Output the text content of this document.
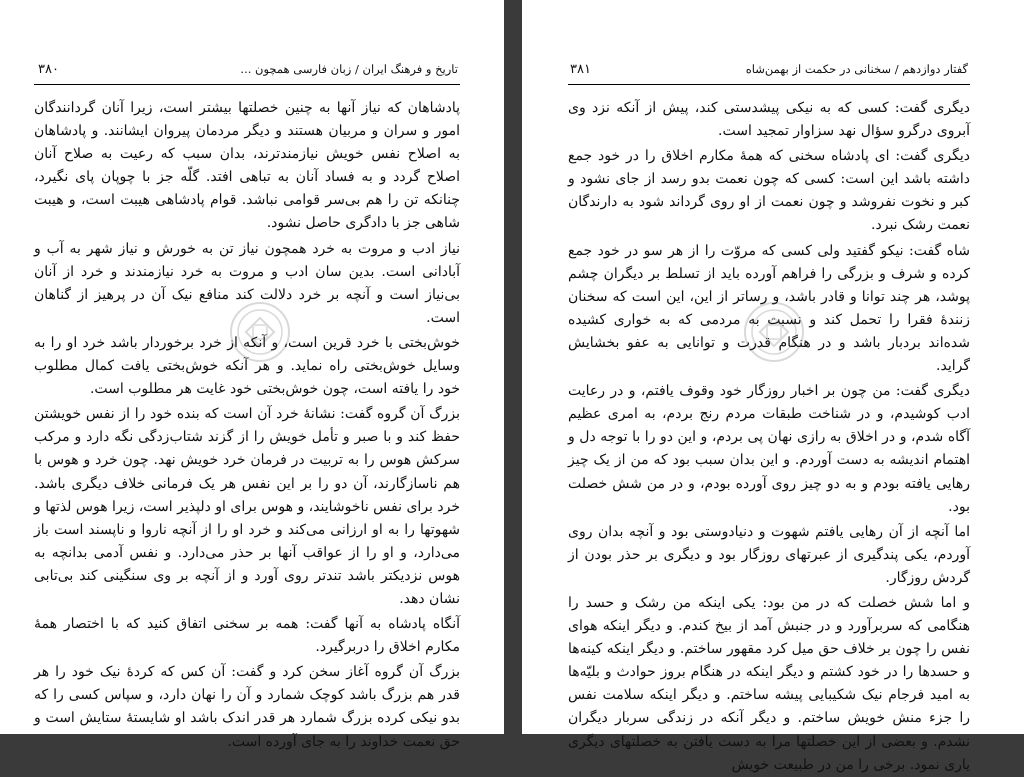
۳۸۰	تاریخ و فرهنگ ایران / زبان فارسی همچون ...

پادشاهان که نیاز آنها به چنین خصلتها بیشتر است، زیرا آنان گردانندگان امور و سران و مربیان هستند و دیگر مردمان پیروان ایشانند. و پادشاهان به اصلاح نفس خویش نیازمندترند، بدان سبب که رعیت به صلاح آنان اصلاح گردد و به فساد آنان به تباهی افتد. گلّه جز با چوپان پای نگیرد، چنانکه تن را هم بی‌سر قوامی نباشد. قوام پادشاهی هیبت است، و هیبت شاهی جز با دادگری حاصل نشود.

نیاز ادب و مروت به خرد همچون نیاز تن به خورش و نیاز شهر به آب و آبادانی است. بدین سان ادب و مروت به خرد نیازمندند و خرد از آنان بی‌نیاز است و آنچه بر خرد دلالت کند منافع نیک آن در پرهیز از گناهان است.

خوش‌بختی با خرد قرین است، و آنکه از خرد برخوردار باشد خرد او را به وسایل خوش‌بختی راه نماید. و هر آنکه خوش‌بختی یافت کمال مطلوب خود را یافته است، چون خوش‌بختی خود غایت هر مطلوب است.

بزرگ آن گروه گفت: نشانهٔ خرد آن است که بنده خود را از نفس خویشتن حفظ کند و با صبر و تأمل خویش را از گزند شتاب‌زدگی نگه دارد و مرکب سرکش هوس را به تربیت در فرمان خرد خویش نهد. چون خرد و هوس با هم ناسازگارند، آن دو را بر این نفس هر یک فرمانی خلاف دیگری باشد. خرد برای نفس ناخوشایند، و هوس برای او دلپذیر است، زیرا هوس لذتها و شهوتها را به او ارزانی می‌کند و خرد او را از آنچه ناروا و ناپسند است باز می‌دارد، و او را از عواقب آنها بر حذر می‌دارد. و نفس آدمی بدانچه به هوس نزدیکتر باشد تندتر روی آورد و از آنچه بر وی سنگینی کند بی‌تابی نشان دهد.

آنگاه پادشاه به آنها گفت: همه بر سخنی اتفاق کنید که با اختصار همهٔ مکارم اخلاق را دربرگیرد.

بزرگ آن گروه آغاز سخن کرد و گفت: آن کس که کردهٔ نیک خود را هر قدر هم بزرگ باشد کوچک شمارد و آن را نهان دارد، و سپاس کسی را که بدو نیکی کرده بزرگ شمارد هر قدر اندک باشد او شایستهٔ ستایش است و حق نعمت خداوند را به جای آورده است.

۳۸۱	گفتار دوازدهم / سخنانی در حکمت از بهمن‌شاه

دیگری گفت: کسی که به نیکی پیشدستی کند، پیش از آنکه نزد وی آبروی درگرو سؤال نهد سزاوار تمجید است.

دیگری گفت: ای پادشاه سخنی که همهٔ مکارم اخلاق را در خود جمع داشته باشد این است: کسی که چون نعمت بدو رسد از جای نشود و کبر و نخوت نفروشد و چون نعمت از او روی گرداند شود به دارندگان نعمت رشک نبرد.

شاه گفت: نیکو گفتید ولی کسی که مروّت را از هر سو در خود جمع کرده و شرف و بزرگی را فراهم آورده باید از تسلط بر دیگران چشم پوشد، هر چند توانا و قادر باشد، و رساتر از این، این است که سخنان زنندهٔ فقرا را تحمل کند و نسبت به مردمی که به خواری کشیده شده‌اند بردبار باشد و در هنگام قدرت و توانایی به عفو بخشایش گراید.

دیگری گفت: من چون بر اخبار روزگار خود وقوف یافتم، و در رعایت ادب کوشیدم، و در شناخت طبقات مردم رنج بردم، به امری عظیم آگاه شدم، و در اخلاق به رازی نهان پی بردم، و این دو را با توجه دل و اهتمام اندیشه به دست آوردم. و این بدان سبب بود که من از یک چیز رهایی یافته بودم و به دو چیز روی آورده بودم، و در من شش خصلت بود.

اما آنچه از آن رهایی یافتم شهوت و دنیادوستی بود و آنچه بدان روی آوردم، یکی پندگیری از عبرتهای روزگار بود و دیگری بر حذر بودن از گردش روزگار.

و اما شش خصلت که در من بود: یکی اینکه من رشک و حسد را هنگامی که سربرآورد و در جنبش آمد از بیخ کندم. و دیگر اینکه هوای نفس را چون بر خلاف حق میل کرد مقهور ساختم. و دیگر اینکه کینه‌ها و حسدها را در خود کشتم و دیگر اینکه در هنگام بروز حوادث و بلیّه‌ها به امید فرجام نیک شکیبایی پیشه ساختم. و دیگر اینکه سلامت نفس را جزء منش خویش ساختم. و دیگر آنکه در زندگی سربار دیگران نشدم. و بعضی از این خصلتها مرا به دست یافتن به خصلتهای دیگری یاری نمود. برخی را من در طبیعت خویش
